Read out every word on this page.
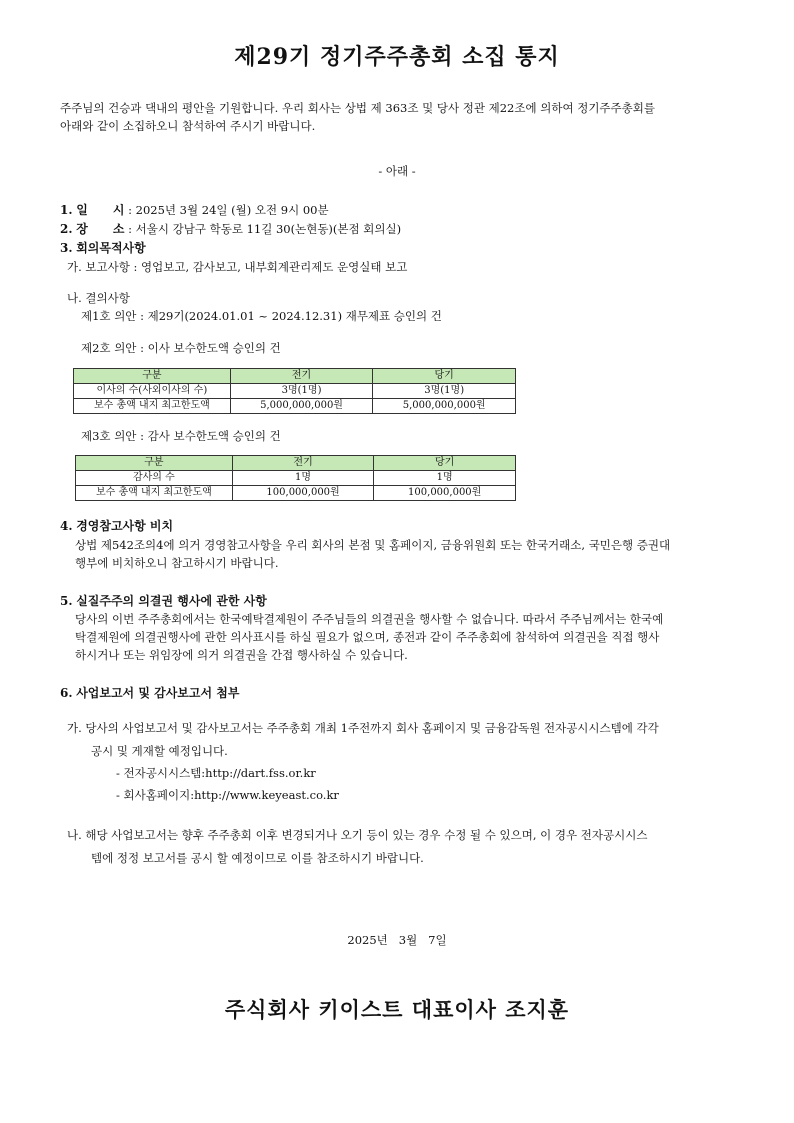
제29기 정기주주총회 소집 통지
주주님의 건승과 댁내의 평안을 기원합니다. 우리 회사는 상법 제 363조 및 당사 정관 제22조에 의하여 정기주주총회를
아래와 같이 소집하오니 참석하여 주시기 바랍니다.
- 아래 -
1. 일      시 : 2025년 3월 24일 (월) 오전 9시 00분
2. 장      소 : 서울시 강남구 학동로 11길 30(논현동)(본점 회의실)
3. 회의목적사항
가. 보고사항 : 영업보고, 감사보고, 내부회계관리제도 운영실태 보고
나. 결의사항
제1호 의안 : 제29기(2024.01.01 ~ 2024.12.31) 재무제표 승인의 건
제2호 의안 : 이사 보수한도액 승인의 건
구분	전기	당기
이사의 수(사외이사의 수)	3명(1명)	3명(1명)
보수 총액 내지 최고한도액	5,000,000,000원	5,000,000,000원
제3호 의안 : 감사 보수한도액 승인의 건
구분	전기	당기
감사의 수	1명	1명
보수 총액 내지 최고한도액	100,000,000원	100,000,000원
4. 경영참고사항 비치
상법 제542조의4에 의거 경영참고사항을 우리 회사의 본점 및 홈페이지, 금융위원회 또는 한국거래소, 국민은행 증권대
행부에 비치하오니 참고하시기 바랍니다.
5. 실질주주의 의결권 행사에 관한 사항
당사의 이번 주주총회에서는 한국예탁결제원이 주주님들의 의결권을 행사할 수 없습니다. 따라서 주주님께서는 한국예
탁결제원에 의결권행사에 관한 의사표시를 하실 필요가 없으며, 종전과 같이 주주총회에 참석하여 의결권을 직접 행사
하시거나 또는 위임장에 의거 의결권을 간접 행사하실 수 있습니다.
6. 사업보고서 및 감사보고서 첨부
가. 당사의 사업보고서 및 감사보고서는 주주총회 개최 1주전까지 회사 홈페이지 및 금융감독원 전자공시시스템에 각각
공시 및 게재할 예정입니다.
- 전자공시시스템:http://dart.fss.or.kr
- 회사홈페이지:http://www.keyeast.co.kr
나. 해당 사업보고서는 향후 주주총회 이후 변경되거나 오기 등이 있는 경우 수정 될 수 있으며, 이 경우 전자공시시스
템에 정정 보고서를 공시 할 예정이므로 이를 참조하시기 바랍니다.
2025년   3월   7일
주식회사 키이스트 대표이사 조지훈
